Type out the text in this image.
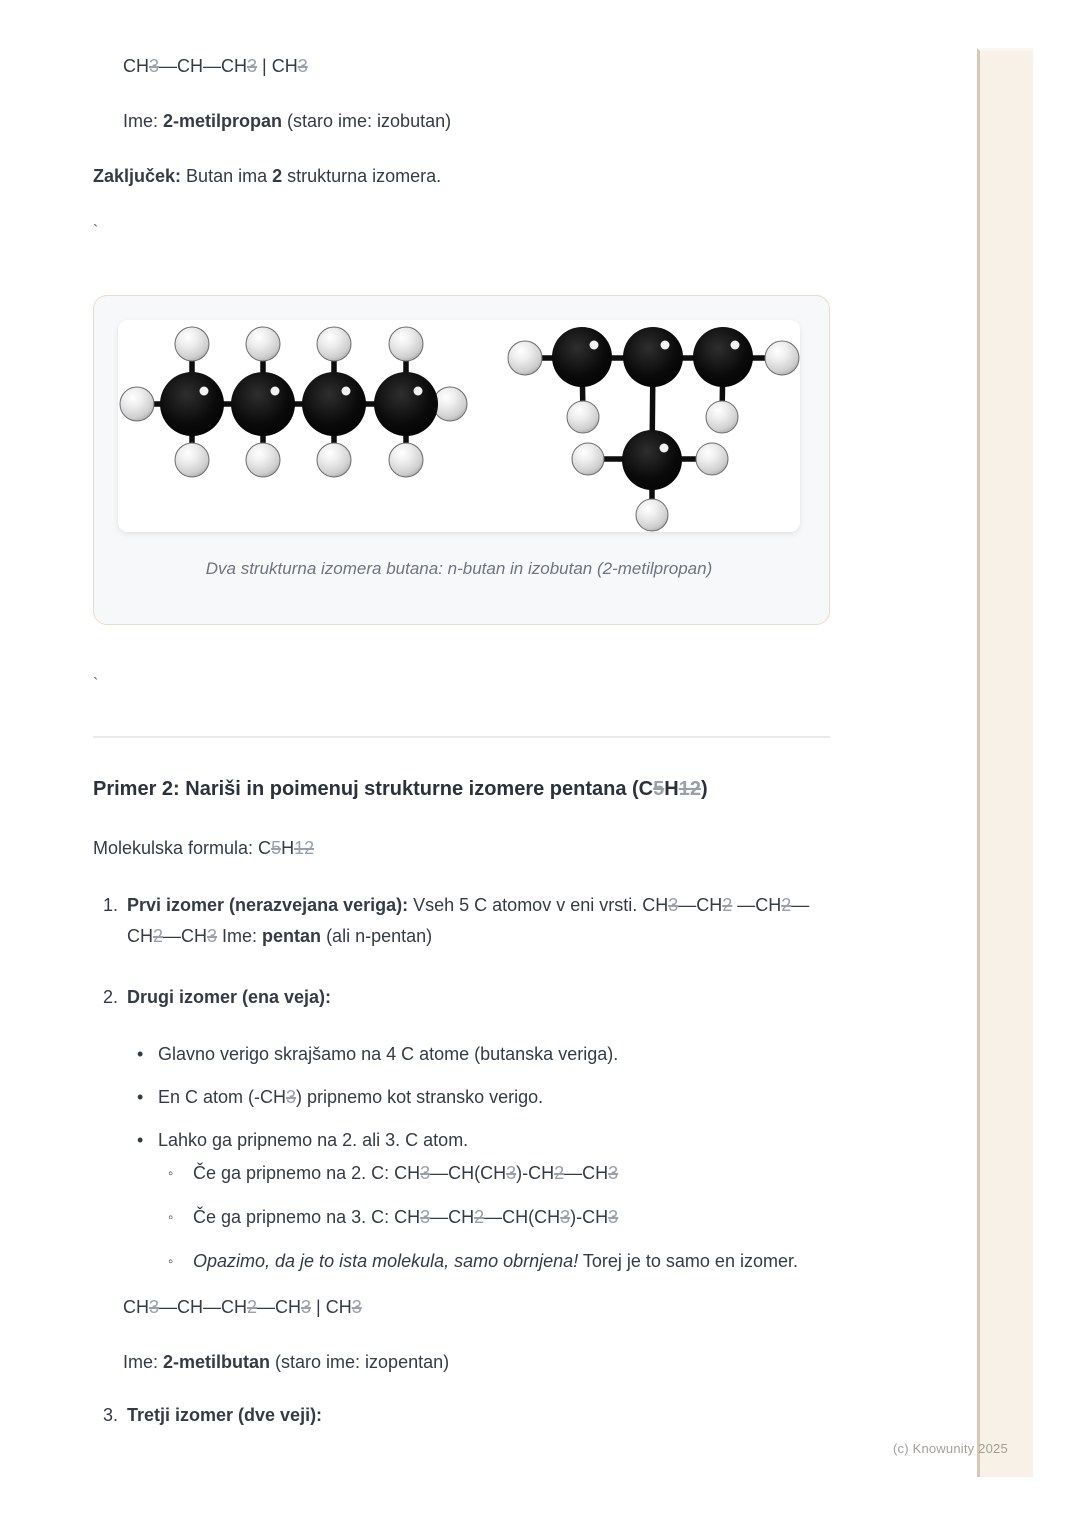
(c) Knowunity 2025

CH3—CH—CH3 | CH3

Ime: 2-metilpropan (staro ime: izobutan)

Zaključek: Butan ima 2 strukturna izomera.

`

Dva strukturna izomera butana: n-butan in izobutan (2-metilpropan)

`

Primer 2: Nariši in poimenuj strukturne izomere pentana (C5H12)

Molekulska formula: C5H12

1. Prvi izomer (nerazvejana veriga): Vseh 5 C atomov v eni vrsti. CH3—CH2 —CH2—CH2—CH3 Ime: pentan (ali n-pentan)
2. Drugi izomer (ena veja):
• Glavno verigo skrajšamo na 4 C atome (butanska veriga).
• En C atom (-CH3) pripnemo kot stransko verigo.
• Lahko ga pripnemo na 2. ali 3. C atom.
◦	Če ga pripnemo na 2. C: CH3—CH(CH3)-CH2—CH3
◦	Če ga pripnemo na 3. C: CH3—CH2—CH(CH3)-CH3
◦	Opazimo, da je to ista molekula, samo obrnjena! Torej je to samo en izomer.

CH3—CH—CH2—CH3 | CH3

Ime: 2-metilbutan (staro ime: izopentan)

3. Tretji izomer (dve veji):
